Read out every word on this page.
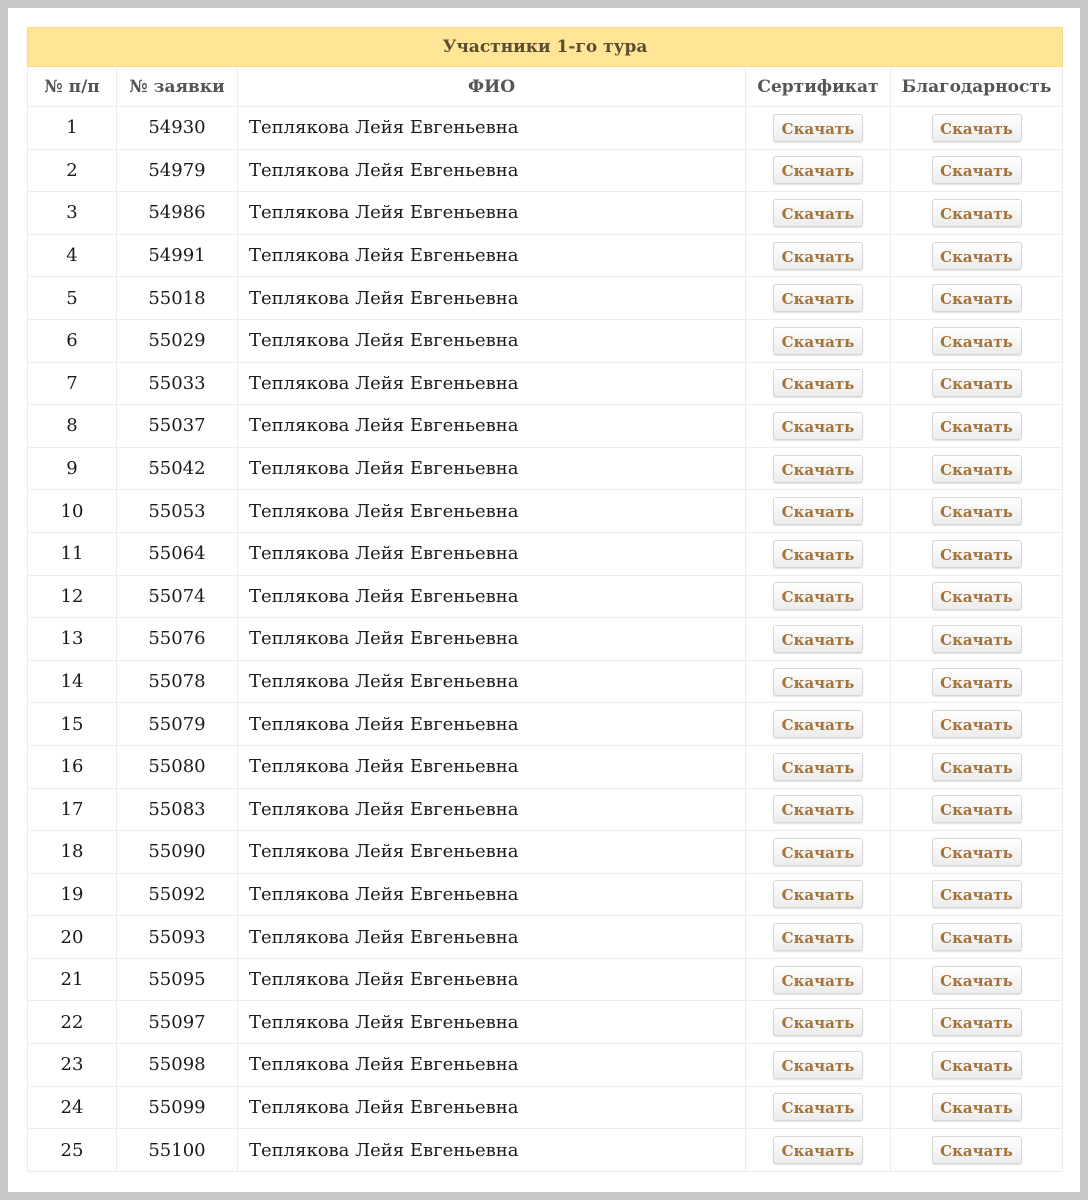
Участники 1-го тура				
№ п/п	№ заявки	ФИО	Сертификат	Благодарность
1	54930	Теплякова Лейя Евгеньевна	Скачать	Скачать
2	54979	Теплякова Лейя Евгеньевна	Скачать	Скачать
3	54986	Теплякова Лейя Евгеньевна	Скачать	Скачать
4	54991	Теплякова Лейя Евгеньевна	Скачать	Скачать
5	55018	Теплякова Лейя Евгеньевна	Скачать	Скачать
6	55029	Теплякова Лейя Евгеньевна	Скачать	Скачать
7	55033	Теплякова Лейя Евгеньевна	Скачать	Скачать
8	55037	Теплякова Лейя Евгеньевна	Скачать	Скачать
9	55042	Теплякова Лейя Евгеньевна	Скачать	Скачать
10	55053	Теплякова Лейя Евгеньевна	Скачать	Скачать
11	55064	Теплякова Лейя Евгеньевна	Скачать	Скачать
12	55074	Теплякова Лейя Евгеньевна	Скачать	Скачать
13	55076	Теплякова Лейя Евгеньевна	Скачать	Скачать
14	55078	Теплякова Лейя Евгеньевна	Скачать	Скачать
15	55079	Теплякова Лейя Евгеньевна	Скачать	Скачать
16	55080	Теплякова Лейя Евгеньевна	Скачать	Скачать
17	55083	Теплякова Лейя Евгеньевна	Скачать	Скачать
18	55090	Теплякова Лейя Евгеньевна	Скачать	Скачать
19	55092	Теплякова Лейя Евгеньевна	Скачать	Скачать
20	55093	Теплякова Лейя Евгеньевна	Скачать	Скачать
21	55095	Теплякова Лейя Евгеньевна	Скачать	Скачать
22	55097	Теплякова Лейя Евгеньевна	Скачать	Скачать
23	55098	Теплякова Лейя Евгеньевна	Скачать	Скачать
24	55099	Теплякова Лейя Евгеньевна	Скачать	Скачать
25	55100	Теплякова Лейя Евгеньевна	Скачать	Скачать
